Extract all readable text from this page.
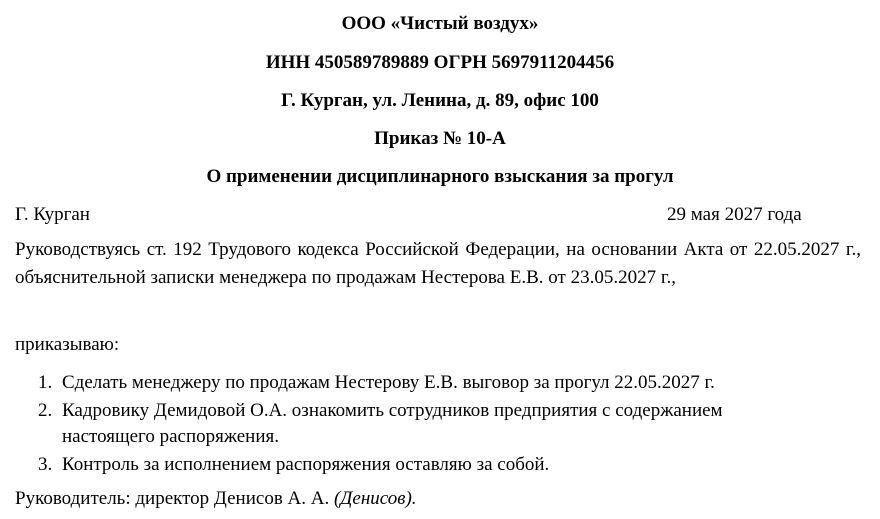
ООО «Чистый воздух»
ИНН 450589789889 ОГРН 5697911204456
Г. Курган, ул. Ленина, д. 89, офис 100
Приказ № 10-А
О применении дисциплинарного взыскания за прогул
Г. Курган	29 мая 2027 года
Руководствуясь ст. 192 Трудового кодекса Российской Федерации, на основании Акта от 22.05.2027 г., объяснительной записки менеджера по продажам Нестерова Е.В. от 23.05.2027 г.,
приказываю:
1. Сделать менеджеру по продажам Нестерову Е.В. выговор за прогул 22.05.2027 г.
2. Кадровику Демидовой О.А. ознакомить сотрудников предприятия с содержанием
настоящего распоряжения.
3. Контроль за исполнением распоряжения оставляю за собой.
Руководитель: директор Денисов А. А. (Денисов).
